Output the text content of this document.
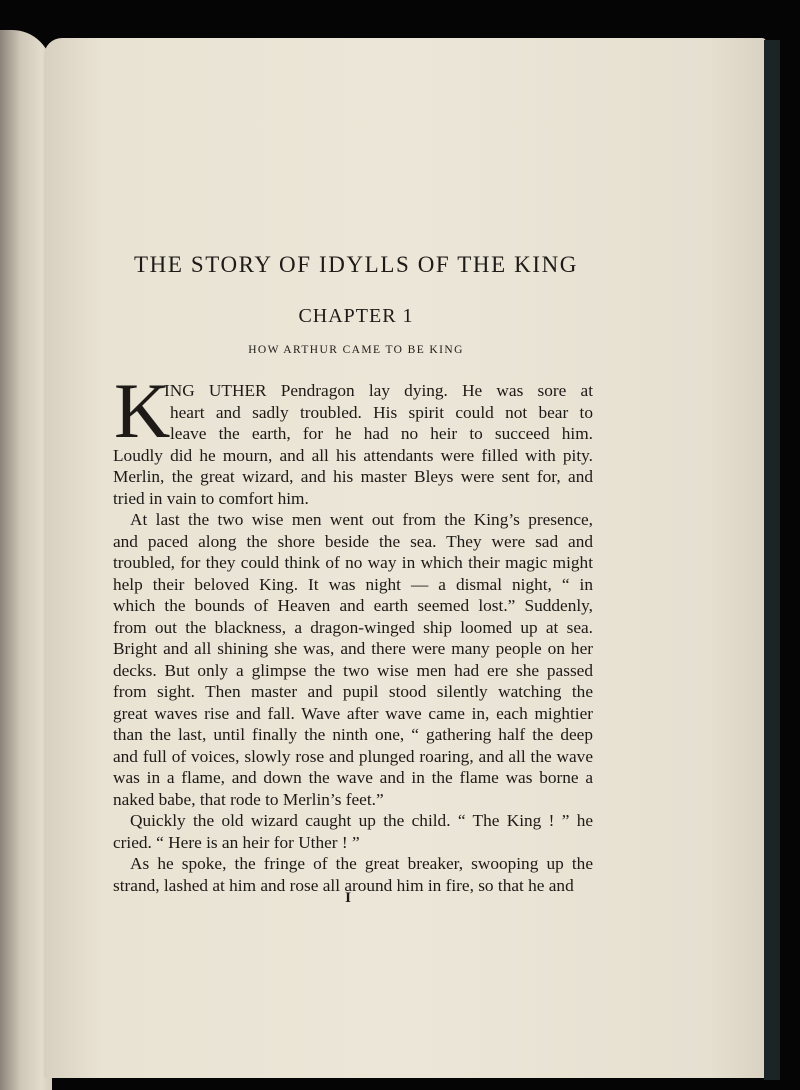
THE STORY OF IDYLLS OF THE KING
CHAPTER 1
HOW ARTHUR CAME TO BE KING
K
ING UTHER Pendragon lay dying. He was sore at
heart and sadly troubled. His spirit could not bear to
leave the earth, for he had no heir to succeed him.
Loudly did he mourn, and all his attendants were filled with pity.
Merlin, the great wizard, and his master Bleys were sent for, and
tried in vain to comfort him.
At last the two wise men went out from the King’s presence,
and paced along the shore beside the sea. They were sad and
troubled, for they could think of no way in which their magic might
help their beloved King. It was night — a dismal night, “ in
which the bounds of Heaven and earth seemed lost.” Suddenly,
from out the blackness, a dragon-winged ship loomed up at sea.
Bright and all shining she was, and there were many people on her
decks. But only a glimpse the two wise men had ere she passed
from sight. Then master and pupil stood silently watching the
great waves rise and fall. Wave after wave came in, each mightier
than the last, until finally the ninth one, “ gathering half the deep
and full of voices, slowly rose and plunged roaring, and all the wave
was in a flame, and down the wave and in the flame was borne a
naked babe, that rode to Merlin’s feet.”
Quickly the old wizard caught up the child. “ The King ! ” he
cried. “ Here is an heir for Uther ! ”
As he spoke, the fringe of the great breaker, swooping up the
strand, lashed at him and rose all around him in fire, so that he and
I
